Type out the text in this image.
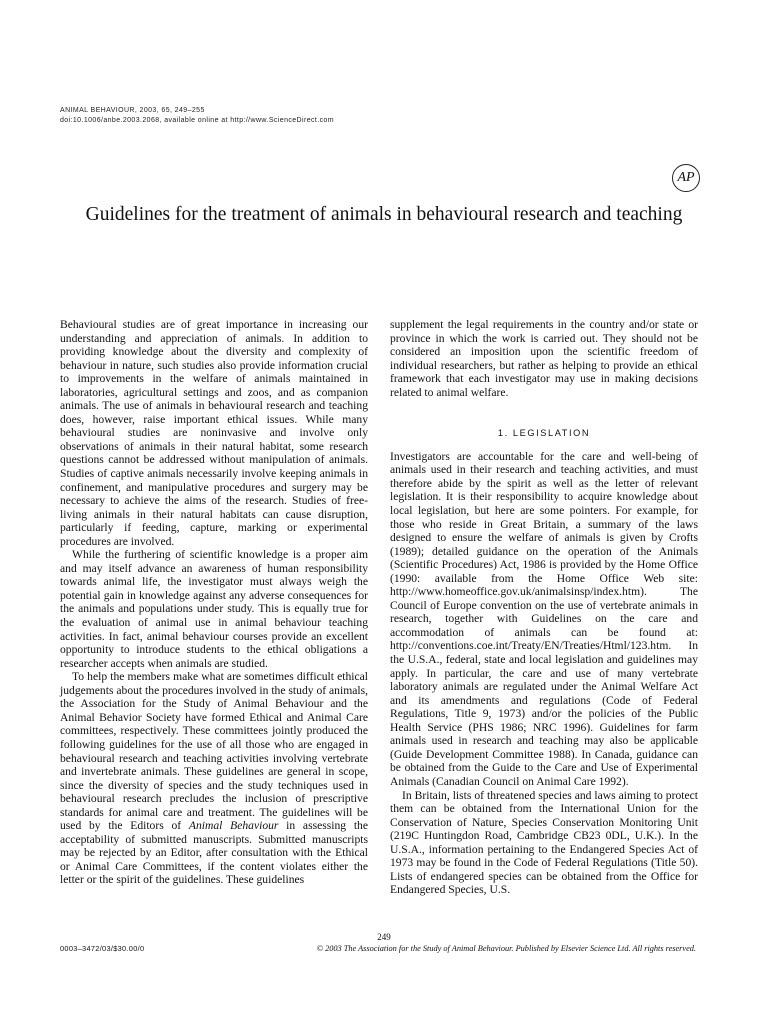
ANIMAL BEHAVIOUR, 2003, 65, 249–255
doi:10.1006/anbe.2003.2068, available online at http://www.ScienceDirect.com
AP
Guidelines for the treatment of animals in behavioural research and teaching

Behavioural studies are of great importance in increasing our understanding and appreciation of animals. In addition to providing knowledge about the diversity and complexity of behaviour in nature, such studies also provide information crucial to improvements in the welfare of animals maintained in laboratories, agricultural settings and zoos, and as companion animals. The use of animals in behavioural research and teaching does, however, raise important ethical issues. While many behavioural studies are noninvasive and involve only observations of animals in their natural habitat, some research questions cannot be addressed without manipulation of animals. Studies of captive animals necessarily involve keeping animals in confinement, and manipulative procedures and surgery may be necessary to achieve the aims of the research. Studies of free-living animals in their natural habitats can cause disruption, particularly if feeding, capture, marking or experimental procedures are involved.

While the furthering of scientific knowledge is a proper aim and may itself advance an awareness of human responsibility towards animal life, the investigator must always weigh the potential gain in knowledge against any adverse consequences for the animals and populations under study. This is equally true for the evaluation of animal use in animal behaviour teaching activities. In fact, animal behaviour courses provide an excellent opportunity to introduce students to the ethical obligations a researcher accepts when animals are studied.

To help the members make what are sometimes difficult ethical judgements about the procedures involved in the study of animals, the Association for the Study of Animal Behaviour and the Animal Behavior Society have formed Ethical and Animal Care committees, respectively. These committees jointly produced the following guidelines for the use of all those who are engaged in behavioural research and teaching activities involving vertebrate and invertebrate animals. These guidelines are general in scope, since the diversity of species and the study techniques used in behavioural research precludes the inclusion of prescriptive standards for animal care and treatment. The guidelines will be used by the Editors of Animal Behaviour in assessing the acceptability of submitted manuscripts. Submitted manuscripts may be rejected by an Editor, after consultation with the Ethical or Animal Care Committees, if the content violates either the letter or the spirit of the guidelines. These guidelines

supplement the legal requirements in the country and/or state or province in which the work is carried out. They should not be considered an imposition upon the scientific freedom of individual researchers, but rather as helping to provide an ethical framework that each investigator may use in making decisions related to animal welfare.

1. LEGISLATION

Investigators are accountable for the care and well-being of animals used in their research and teaching activities, and must therefore abide by the spirit as well as the letter of relevant legislation. It is their responsibility to acquire knowledge about local legislation, but here are some pointers. For example, for those who reside in Great Britain, a summary of the laws designed to ensure the welfare of animals is given by Crofts (1989); detailed guidance on the operation of the Animals (Scientific Procedures) Act, 1986 is provided by the Home Office (1990: available from the Home Office Web site: http://www.homeoffice.gov.uk/animalsinsp/index.htm). The Council of Europe convention on the use of vertebrate animals in research, together with Guidelines on the care and accommodation of animals can be found at: http://conventions.coe.int/Treaty/EN/Treaties/Html/123.htm. In the U.S.A., federal, state and local legislation and guidelines may apply. In particular, the care and use of many vertebrate laboratory animals are regulated under the Animal Welfare Act and its amendments and regulations (Code of Federal Regulations, Title 9, 1973) and/or the policies of the Public Health Service (PHS 1986; NRC 1996). Guidelines for farm animals used in research and teaching may also be applicable (Guide Development Committee 1988). In Canada, guidance can be obtained from the Guide to the Care and Use of Experimental Animals (Canadian Council on Animal Care 1992).

In Britain, lists of threatened species and laws aiming to protect them can be obtained from the International Union for the Conservation of Nature, Species Conservation Monitoring Unit (219C Huntingdon Road, Cambridge CB23 0DL, U.K.). In the U.S.A., information pertaining to the Endangered Species Act of 1973 may be found in the Code of Federal Regulations (Title 50). Lists of endangered species can be obtained from the Office for Endangered Species, U.S.

249
0003–3472/03/$30.00/0	© 2003 The Association for the Study of Animal Behaviour. Published by Elsevier Science Ltd. All rights reserved.
